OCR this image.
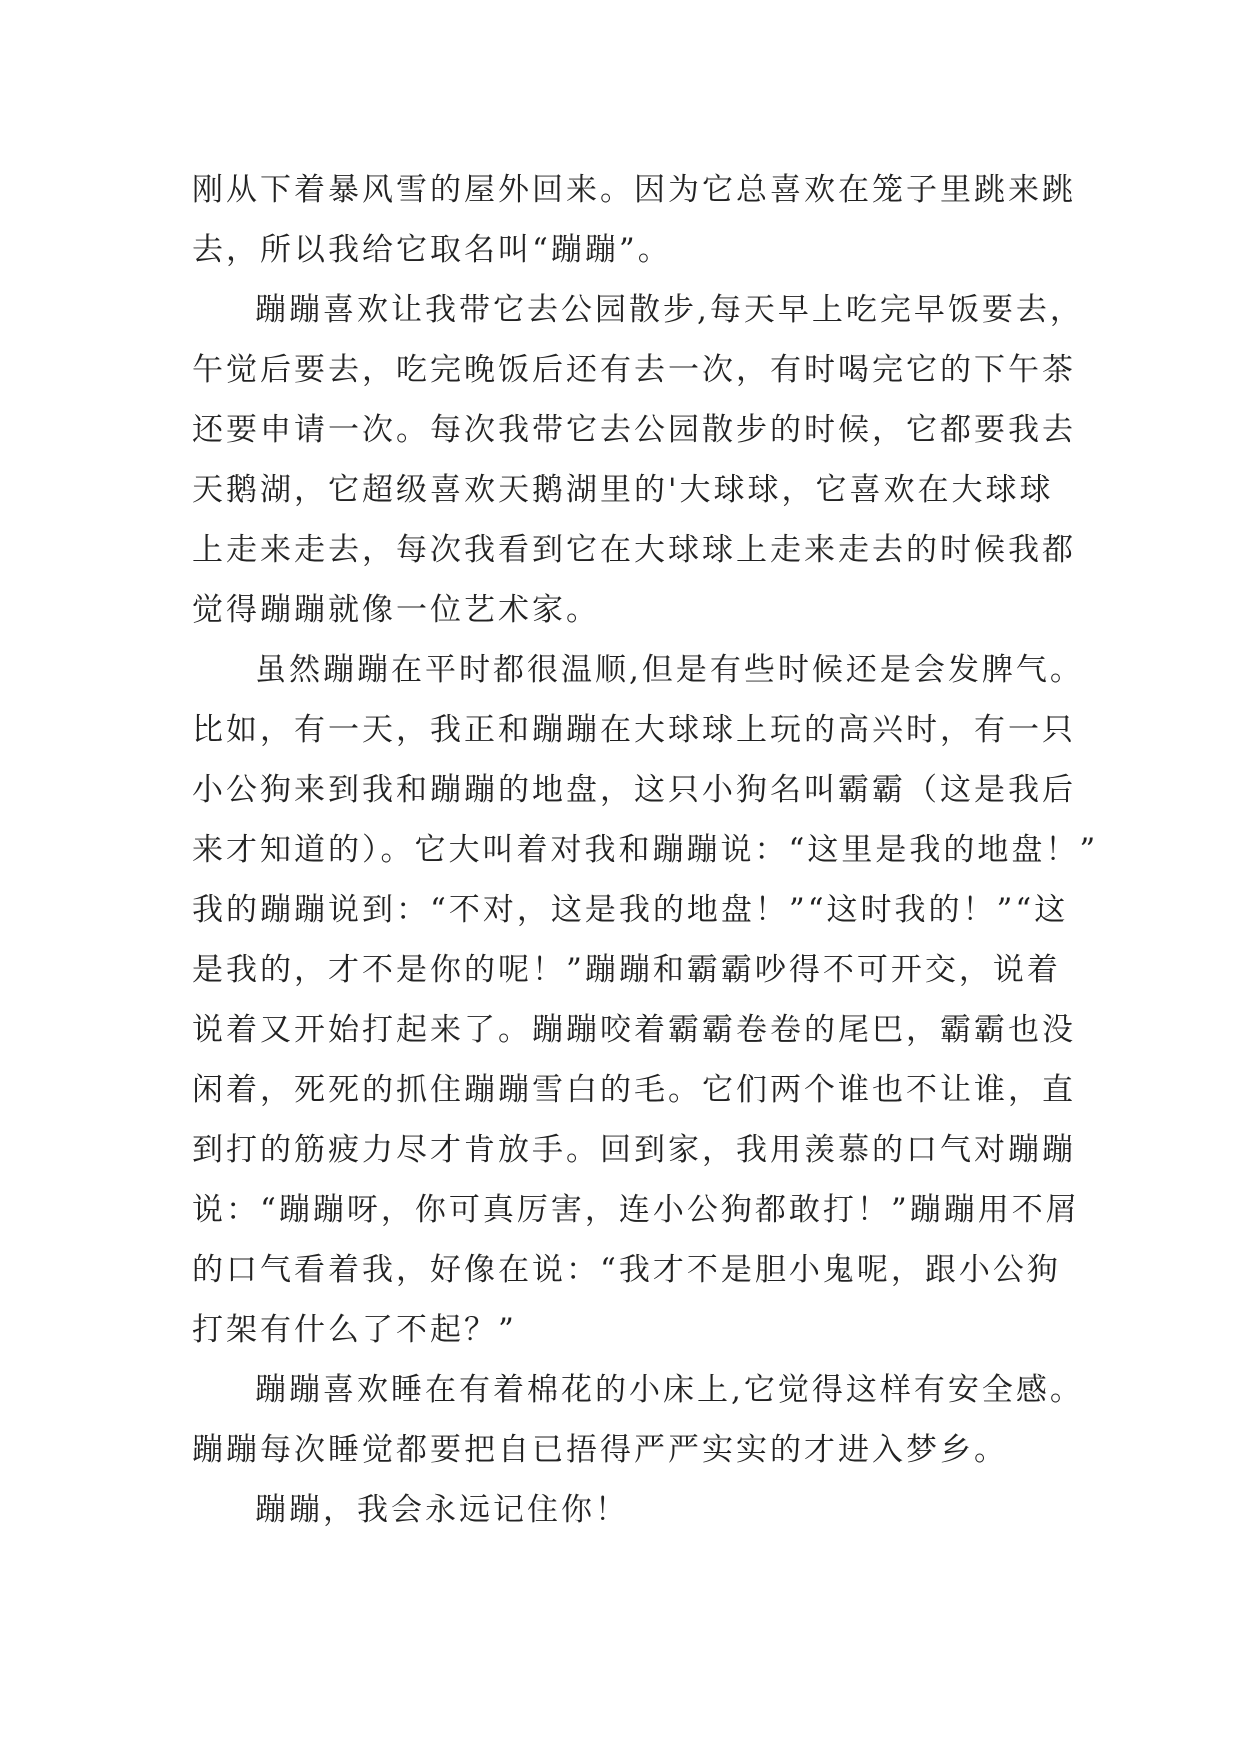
刚从下着暴风雪的屋外回来。因为它总喜欢在笼子里跳来跳
去，所以我给它取名叫“蹦蹦”。
蹦蹦喜欢让我带它去公园散步,每天早上吃完早饭要去，
午觉后要去，吃完晚饭后还有去一次，有时喝完它的下午茶
还要申请一次。每次我带它去公园散步的时候，它都要我去
天鹅湖，它超级喜欢天鹅湖里的'大球球，它喜欢在大球球
上走来走去，每次我看到它在大球球上走来走去的时候我都
觉得蹦蹦就像一位艺术家。
虽然蹦蹦在平时都很温顺,但是有些时候还是会发脾气。
比如，有一天，我正和蹦蹦在大球球上玩的高兴时，有一只
小公狗来到我和蹦蹦的地盘，这只小狗名叫霸霸（这是我后
来才知道的）。它大叫着对我和蹦蹦说：“这里是我的地盘！”
我的蹦蹦说到：“不对，这是我的地盘！”“这时我的！”“这
是我的，才不是你的呢！”蹦蹦和霸霸吵得不可开交，说着
说着又开始打起来了。蹦蹦咬着霸霸卷卷的尾巴，霸霸也没
闲着，死死的抓住蹦蹦雪白的毛。它们两个谁也不让谁，直
到打的筋疲力尽才肯放手。回到家，我用羡慕的口气对蹦蹦
说：“蹦蹦呀，你可真厉害，连小公狗都敢打！”蹦蹦用不屑
的口气看着我，好像在说：“我才不是胆小鬼呢，跟小公狗
打架有什么了不起？”
蹦蹦喜欢睡在有着棉花的小床上,它觉得这样有安全感。
蹦蹦每次睡觉都要把自已捂得严严实实的才进入梦乡。
蹦蹦，我会永远记住你！
